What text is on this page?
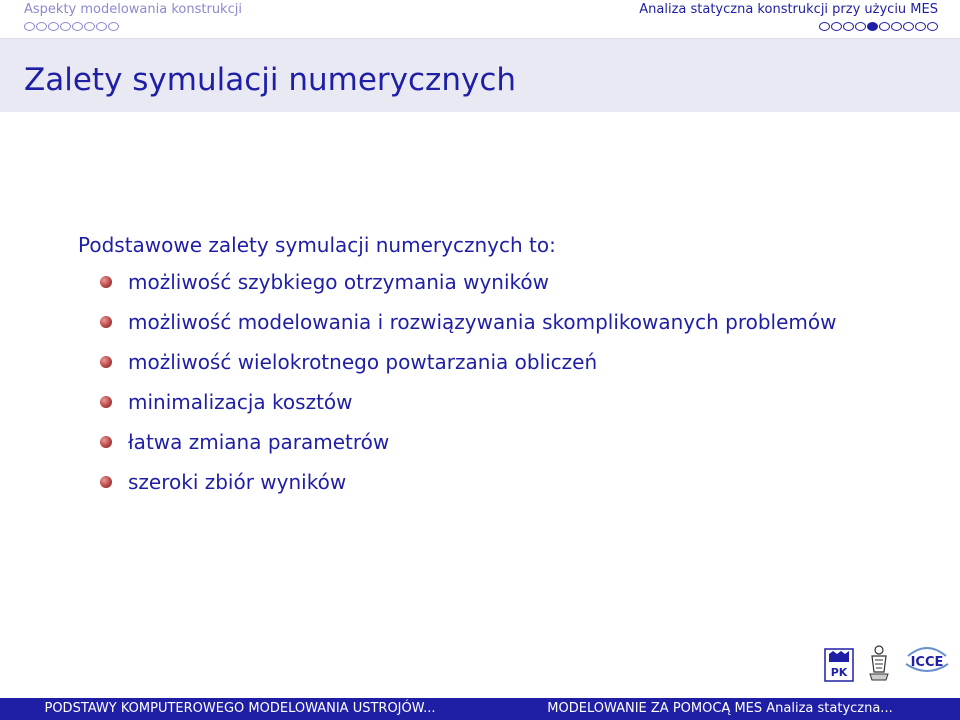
Aspekty modelowania konstrukcji	Analiza statyczna konstrukcji przy użyciu MES
Zalety symulacji numerycznych
Podstawowe zalety symulacji numerycznych to:
możliwość szybkiego otrzymania wyników
możliwość modelowania i rozwiązywania skomplikowanych problemów
możliwość wielokrotnego powtarzania obliczeń
minimalizacja kosztów
łatwa zmiana parametrów
szeroki zbiór wyników
PK
ICCE
PODSTAWY KOMPUTEROWEGO MODELOWANIA USTROJÓW...	MODELOWANIE ZA POMOCĄ MES Analiza statyczna...
